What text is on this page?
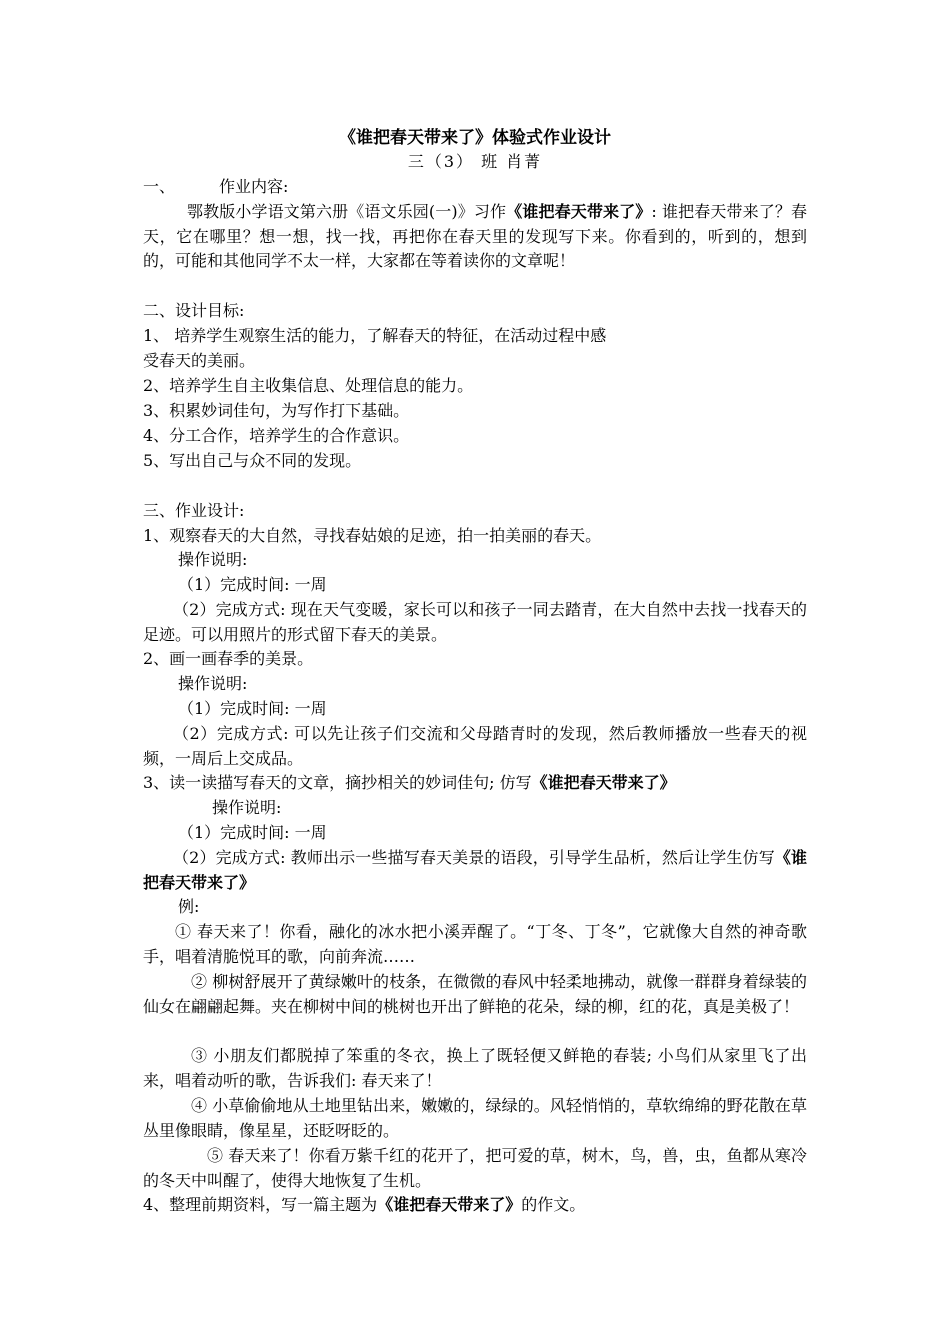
《谁把春天带来了》体验式作业设计
三（3） 班 肖菁
一、	作业内容:
鄂教版小学语文第六册《语文乐园(一)》习作《谁把春天带来了》: 谁把春天带来了？春天，它在哪里？想一想，找一找，再把你在春天里的发现写下来。你看到的，听到的，想到的，可能和其他同学不太一样，大家都在等着读你的文章呢！
二、设计目标:
1、 培养学生观察生活的能力，了解春天的特征，在活动过程中感
受春天的美丽。
2、培养学生自主收集信息、处理信息的能力。
3、积累妙词佳句，为写作打下基础。
4、分工合作，培养学生的合作意识。
5、写出自己与众不同的发现。
三、作业设计:
1、观察春天的大自然，寻找春姑娘的足迹，拍一拍美丽的春天。
操作说明:
（1）完成时间: 一周
（2）完成方式: 现在天气变暖，家长可以和孩子一同去踏青，在大自然中去找一找春天的足迹。可以用照片的形式留下春天的美景。
2、画一画春季的美景。
操作说明:
（1）完成时间: 一周
（2）完成方式: 可以先让孩子们交流和父母踏青时的发现，然后教师播放一些春天的视频，一周后上交成品。
3、读一读描写春天的文章，摘抄相关的妙词佳句; 仿写《谁把春天带来了》
操作说明:
（1）完成时间: 一周
（2）完成方式: 教师出示一些描写春天美景的语段，引导学生品析，然后让学生仿写《谁把春天带来了》
例:
① 春天来了！你看，融化的冰水把小溪弄醒了。“丁冬、丁冬”，它就像大自然的神奇歌手，唱着清脆悦耳的歌，向前奔流……
② 柳树舒展开了黄绿嫩叶的枝条，在微微的春风中轻柔地拂动，就像一群群身着绿装的仙女在翩翩起舞。夹在柳树中间的桃树也开出了鲜艳的花朵，绿的柳，红的花，真是美极了！
③ 小朋友们都脱掉了笨重的冬衣，换上了既轻便又鲜艳的春装; 小鸟们从家里飞了出来，唱着动听的歌，告诉我们: 春天来了！
④ 小草偷偷地从土地里钻出来，嫩嫩的，绿绿的。风轻悄悄的，草软绵绵的野花散在草丛里像眼睛，像星星，还眨呀眨的。
⑤ 春天来了！你看万紫千红的花开了，把可爱的草，树木，鸟，兽，虫，鱼都从寒冷的冬天中叫醒了，使得大地恢复了生机。
4、整理前期资料，写一篇主题为《谁把春天带来了》的作文。
